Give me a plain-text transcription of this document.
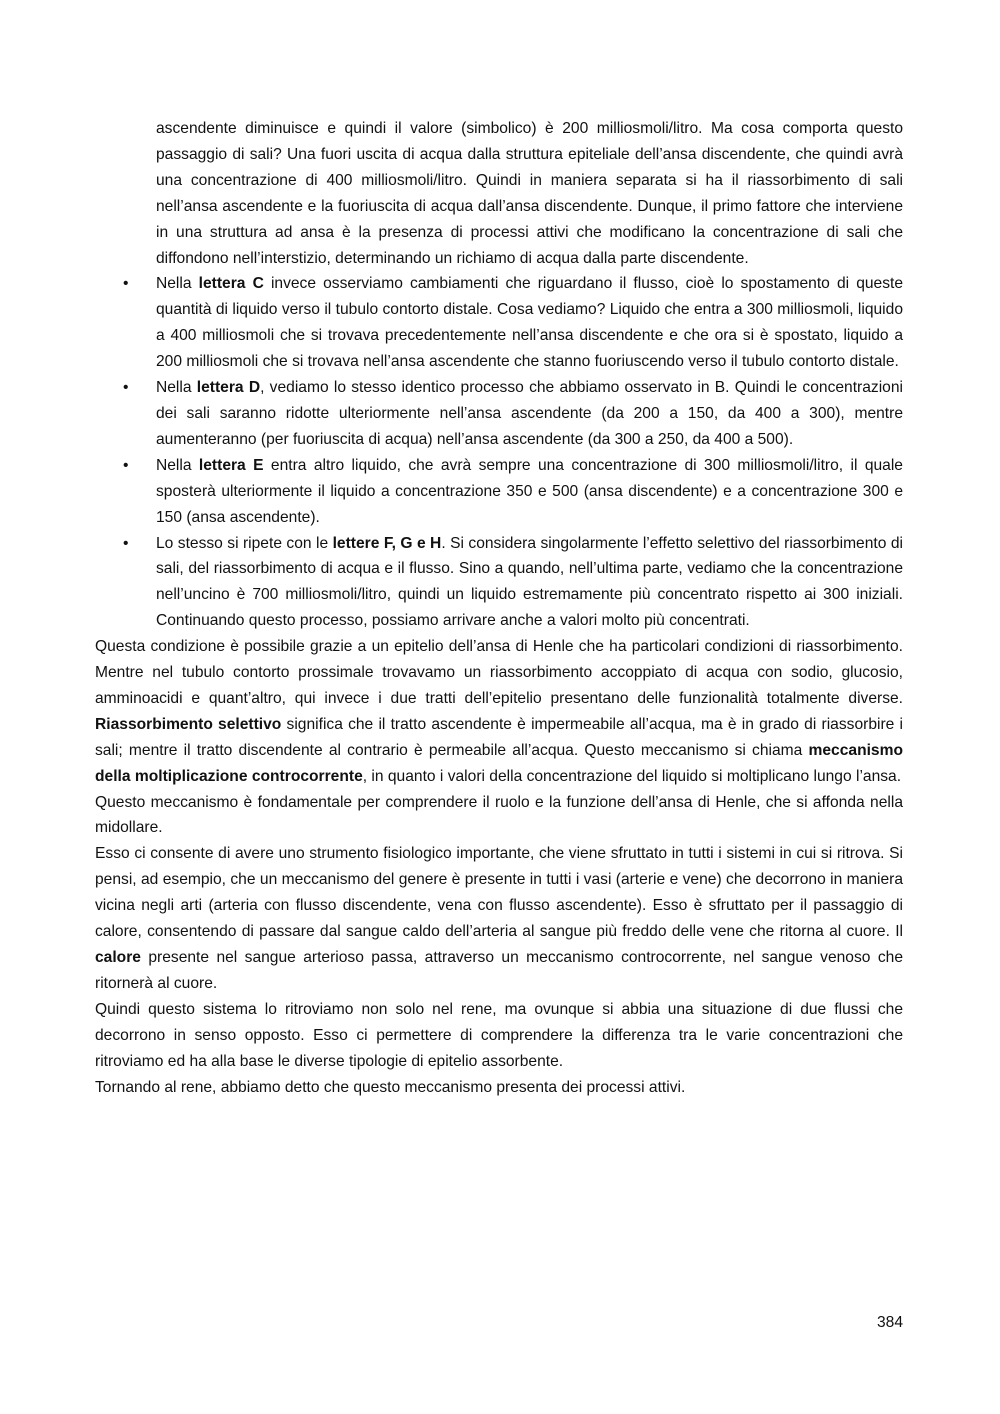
ascendente diminuisce e quindi il valore (simbolico) è 200 milliosmoli/litro. Ma cosa comporta questo passaggio di sali? Una fuori uscita di acqua dalla struttura epiteliale dell’ansa discendente, che quindi avrà una concentrazione di 400 milliosmoli/litro. Quindi in maniera separata si ha il riassorbimento di sali nell’ansa ascendente e la fuoriuscita di acqua dall’ansa discendente. Dunque, il primo fattore che interviene in una struttura ad ansa è la presenza di processi attivi che modificano la concentrazione di sali che diffondono nell’interstizio, determinando un richiamo di acqua dalla parte discendente.

• Nella lettera C invece osserviamo cambiamenti che riguardano il flusso, cioè lo spostamento di queste quantità di liquido verso il tubulo contorto distale. Cosa vediamo? Liquido che entra a 300 milliosmoli, liquido a 400 milliosmoli che si trovava precedentemente nell’ansa discendente e che ora si è spostato, liquido a 200 milliosmoli che si trovava nell’ansa ascendente che stanno fuoriuscendo verso il tubulo contorto distale.

• Nella lettera D, vediamo lo stesso identico processo che abbiamo osservato in B. Quindi le concentrazioni dei sali saranno ridotte ulteriormente nell’ansa ascendente (da 200 a 150, da 400 a 300), mentre aumenteranno (per fuoriuscita di acqua) nell’ansa ascendente (da 300 a 250, da 400 a 500).

• Nella lettera E entra altro liquido, che avrà sempre una concentrazione di 300 milliosmoli/litro, il quale sposterà ulteriormente il liquido a concentrazione 350 e 500 (ansa discendente) e a concentrazione 300 e 150 (ansa ascendente).

• Lo stesso si ripete con le lettere F, G e H. Si considera singolarmente l’effetto selettivo del riassorbimento di sali, del riassorbimento di acqua e il flusso. Sino a quando, nell’ultima parte, vediamo che la concentrazione nell’uncino è 700 milliosmoli/litro, quindi un liquido estremamente più concentrato rispetto ai 300 iniziali. Continuando questo processo, possiamo arrivare anche a valori molto più concentrati.

Questa condizione è possibile grazie a un epitelio dell’ansa di Henle che ha particolari condizioni di riassorbimento. Mentre nel tubulo contorto prossimale trovavamo un riassorbimento accoppiato di acqua con sodio, glucosio, amminoacidi e quant’altro, qui invece i due tratti dell’epitelio presentano delle funzionalità totalmente diverse. Riassorbimento selettivo significa che il tratto ascendente è impermeabile all’acqua, ma è in grado di riassorbire i sali; mentre il tratto discendente al contrario è permeabile all’acqua. Questo meccanismo si chiama meccanismo della moltiplicazione controcorrente, in quanto i valori della concentrazione del liquido si moltiplicano lungo l’ansa.

Questo meccanismo è fondamentale per comprendere il ruolo e la funzione dell’ansa di Henle, che si affonda nella midollare.

Esso ci consente di avere uno strumento fisiologico importante, che viene sfruttato in tutti i sistemi in cui si ritrova. Si pensi, ad esempio, che un meccanismo del genere è presente in tutti i vasi (arterie e vene) che decorrono in maniera vicina negli arti (arteria con flusso discendente, vena con flusso ascendente). Esso è sfruttato per il passaggio di calore, consentendo di passare dal sangue caldo dell’arteria al sangue più freddo delle vene che ritorna al cuore. Il calore presente nel sangue arterioso passa, attraverso un meccanismo controcorrente, nel sangue venoso che ritornerà al cuore.

Quindi questo sistema lo ritroviamo non solo nel rene, ma ovunque si abbia una situazione di due flussi che decorrono in senso opposto. Esso ci permettere di comprendere la differenza tra le varie concentrazioni che ritroviamo ed ha alla base le diverse tipologie di epitelio assorbente.

Tornando al rene, abbiamo detto che questo meccanismo presenta dei processi attivi.

384
